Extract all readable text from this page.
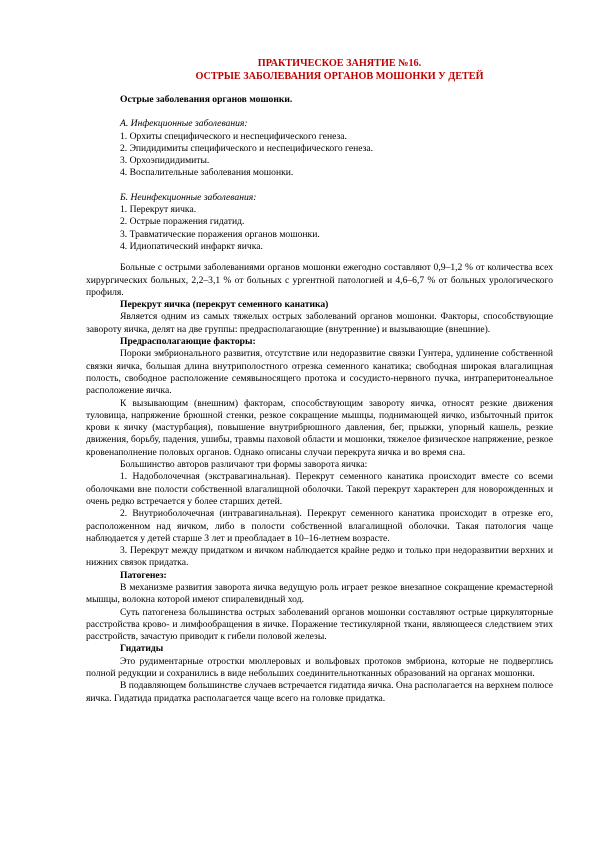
ПРАКТИЧЕСКОЕ ЗАНЯТИЕ №16.
ОСТРЫЕ ЗАБОЛЕВАНИЯ ОРГАНОВ МОШОНКИ У ДЕТЕЙ
Острые заболевания органов мошонки.
А. Инфекционные заболевания:
1. Орхиты специфического и неспецифического генеза.
2. Эпидидимиты специфического и неспецифического генеза.
3. Орхоэпидидимиты.
4. Воспалительные заболевания мошонки.
Б. Неинфекционные заболевания:
1. Перекрут яичка.
2. Острые поражения гидатид.
3. Травматические поражения органов мошонки.
4. Идиопатический инфаркт яичка.

Больные с острыми заболеваниями органов мошонки ежегодно составляют 0,9–1,2 % от количества всех хирургических больных, 2,2–3,1 % от больных с ургентной патологией и 4,6–6,7 % от больных урологического профиля.

Перекрут яичка (перекрут семенного канатика)

Является одним из самых тяжелых острых заболеваний органов мошонки. Факторы, способствующие завороту яичка, делят на две группы: предрасполагающие (внутренние) и вызывающие (внешние).

Предрасполагающие факторы:

Пороки эмбрионального развития, отсутствие или недоразвитие связки Гунтера, удлинение собственной связки яичка, большая длина внутриполостного отрезка семенного канатика; свободная широкая влагалищная полость, свободное расположение семявыносящего протока и сосудисто-нервного пучка, интраперитонеальное расположение яичка.

К вызывающим (внешним) факторам, способствующим завороту яичка, относят резкие движения туловища, напряжение брюшной стенки, резкое сокращение мышцы, поднимающей яичко, избыточный приток крови к яичку (мастурбация), повышение внутрибрюшного давления, бег, прыжки, упорный кашель, резкие движения, борьбу, падения, ушибы, травмы паховой области и мошонки, тяжелое физическое напряжение, резкое кровенаполнение половых органов. Однако описаны случаи перекрута яичка и во время сна.

Большинство авторов различают три формы заворота яичка:

1. Надоболочечная (экстравагинальная). Перекрут семенного канатика происходит вместе со всеми оболочками вне полости собственной влагалищной оболочки. Такой перекрут характерен для новорожденных и очень редко встречается у более старших детей.

2. Внутриоболочечная (интравагинальная). Перекрут семенного канатика происходит в отрезке его, расположенном над яичком, либо в полости собственной влагалищной оболочки. Такая патология чаще наблюдается у детей старше 3 лет и преобладает в 10–16-летнем возрасте.

3. Перекрут между придатком и яичком наблюдается крайне редко и только при недоразвитии верхних и нижних связок придатка.

Патогенез:

В механизме развития заворота яичка ведущую роль играет резкое внезапное сокращение кремастерной мышцы, волокна которой имеют спиралевидный ход.

Суть патогенеза большинства острых заболеваний органов мошонки составляют острые циркуляторные расстройства крово- и лимфообращения в яичке. Поражение тестикулярной ткани, являющееся следствием этих расстройств, зачастую приводит к гибели половой железы.

Гидатиды

Это рудиментарные отростки мюллеровых и вольфовых протоков эмбриона, которые не подверглись полной редукции и сохранились в виде небольших соединительнотканных образований на органах мошонки.

В подавляющем большинстве случаев встречается гидатида яичка. Она располагается на верхнем полюсе яичка. Гидатида придатка располагается чаще всего на головке придатка.
